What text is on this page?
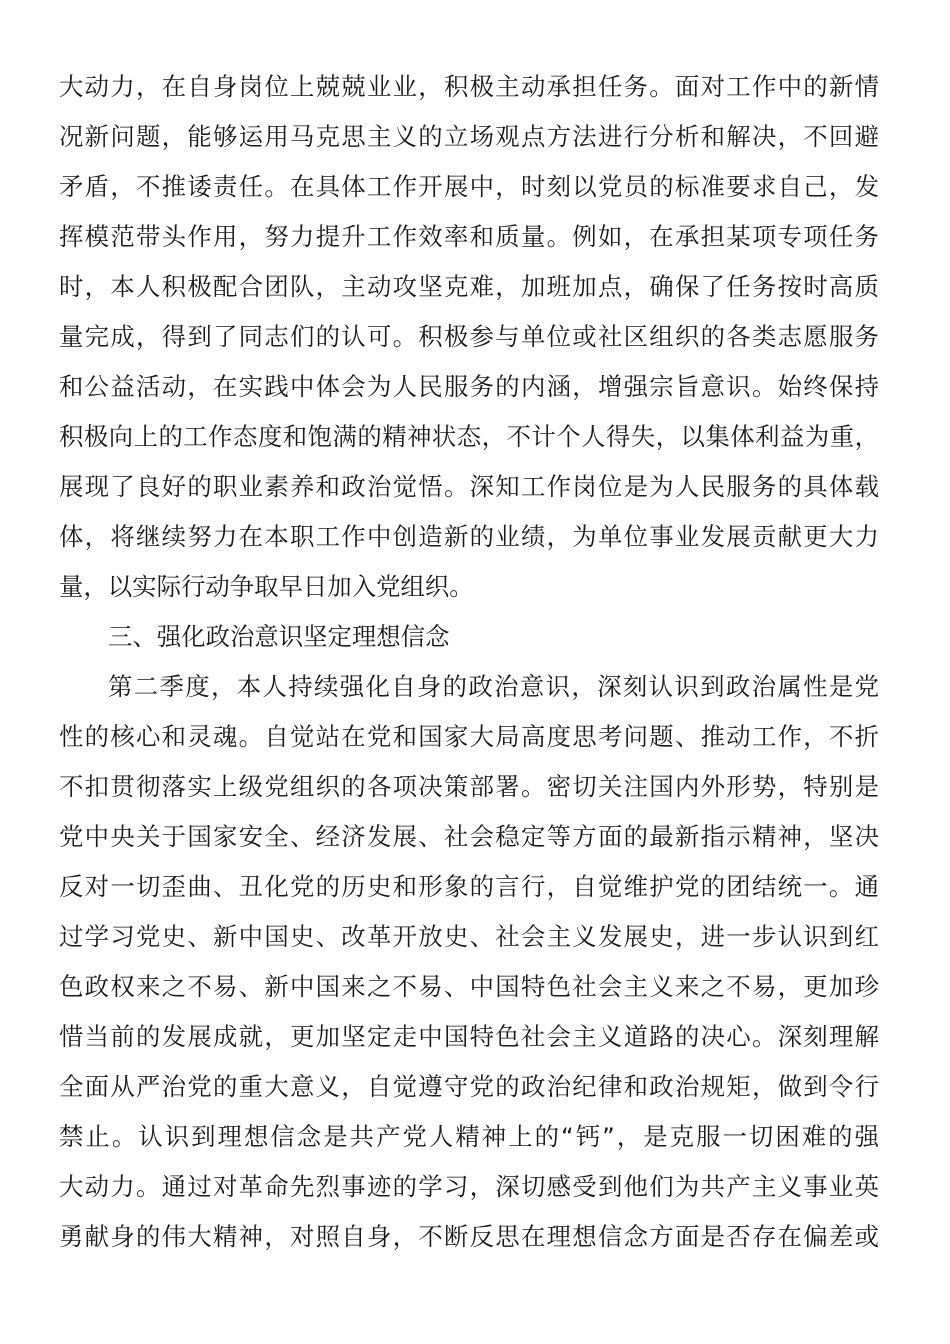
大动力，在自身岗位上兢兢业业，积极主动承担任务。面对工作中的新情
况新问题，能够运用马克思主义的立场观点方法进行分析和解决，不回避
矛盾，不推诿责任。在具体工作开展中，时刻以党员的标准要求自己，发
挥模范带头作用，努力提升工作效率和质量。例如，在承担某项专项任务
时，本人积极配合团队，主动攻坚克难，加班加点，确保了任务按时高质
量完成，得到了同志们的认可。积极参与单位或社区组织的各类志愿服务
和公益活动，在实践中体会为人民服务的内涵，增强宗旨意识。始终保持
积极向上的工作态度和饱满的精神状态，不计个人得失，以集体利益为重，
展现了良好的职业素养和政治觉悟。深知工作岗位是为人民服务的具体载
体，将继续努力在本职工作中创造新的业绩，为单位事业发展贡献更大力
量，以实际行动争取早日加入党组织。
三、强化政治意识坚定理想信念
第二季度，本人持续强化自身的政治意识，深刻认识到政治属性是党
性的核心和灵魂。自觉站在党和国家大局高度思考问题、推动工作，不折
不扣贯彻落实上级党组织的各项决策部署。密切关注国内外形势，特别是
党中央关于国家安全、经济发展、社会稳定等方面的最新指示精神，坚决
反对一切歪曲、丑化党的历史和形象的言行，自觉维护党的团结统一。通
过学习党史、新中国史、改革开放史、社会主义发展史，进一步认识到红
色政权来之不易、新中国来之不易、中国特色社会主义来之不易，更加珍
惜当前的发展成就，更加坚定走中国特色社会主义道路的决心。深刻理解
全面从严治党的重大意义，自觉遵守党的政治纪律和政治规矩，做到令行
禁止。认识到理想信念是共产党人精神上的“钙”，是克服一切困难的强
大动力。通过对革命先烈事迹的学习，深切感受到他们为共产主义事业英
勇献身的伟大精神，对照自身，不断反思在理想信念方面是否存在偏差或
